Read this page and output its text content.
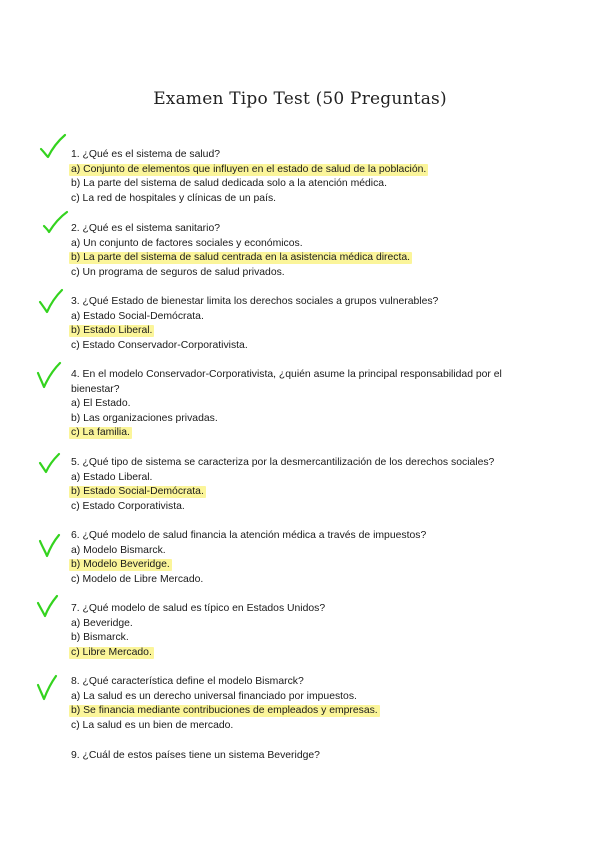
Examen Tipo Test (50 Preguntas)
1. ¿Qué es el sistema de salud?
a) Conjunto de elementos que influyen en el estado de salud de la población.
b) La parte del sistema de salud dedicada solo a la atención médica.
c) La red de hospitales y clínicas de un país.
2. ¿Qué es el sistema sanitario?
a) Un conjunto de factores sociales y económicos.
b) La parte del sistema de salud centrada en la asistencia médica directa.
c) Un programa de seguros de salud privados.
3. ¿Qué Estado de bienestar limita los derechos sociales a grupos vulnerables?
a) Estado Social-Demócrata.
b) Estado Liberal.
c) Estado Conservador-Corporativista.
4. En el modelo Conservador-Corporativista, ¿quién asume la principal responsabilidad por el bienestar?
a) El Estado.
b) Las organizaciones privadas.
c) La familia.
5. ¿Qué tipo de sistema se caracteriza por la desmercantilización de los derechos sociales?
a) Estado Liberal.
b) Estado Social-Demócrata.
c) Estado Corporativista.
6. ¿Qué modelo de salud financia la atención médica a través de impuestos?
a) Modelo Bismarck.
b) Modelo Beveridge.
c) Modelo de Libre Mercado.
7. ¿Qué modelo de salud es típico en Estados Unidos?
a) Beveridge.
b) Bismarck.
c) Libre Mercado.
8. ¿Qué característica define el modelo Bismarck?
a) La salud es un derecho universal financiado por impuestos.
b) Se financia mediante contribuciones de empleados y empresas.
c) La salud es un bien de mercado.
9. ¿Cuál de estos países tiene un sistema Beveridge?
